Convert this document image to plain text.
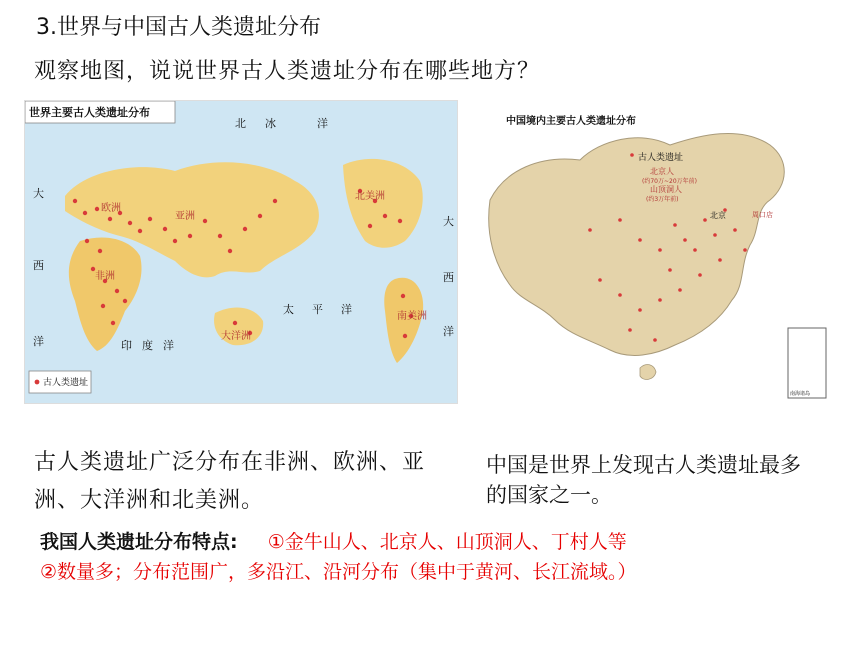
3.世界与中国古人类遗址分布
观察地图，说说世界古人类遗址分布在哪些地方？
世界主要古人类遗址分布
古人类遗址
北 冰	洋
大
西
洋
大
西
洋
欧洲
亚洲
非洲
北美洲
南美洲
大洋洲
印度洋
太平洋
中国境内主要古人类遗址分布
古人类遗址
北京人
(约70万~20万年前)
山顶洞人
(约3万年前)
北京	周口店
南海诸岛
古人类遗址广泛分布在非洲、欧洲、亚洲、大洋洲和北美洲。
中国是世界上发现古人类遗址最多的国家之一。
我国人类遗址分布特点: ①金牛山人、北京人、山顶洞人、丁村人等
②数量多；分布范围广，多沿江、沿河分布（集中于黄河、长江流域。）
